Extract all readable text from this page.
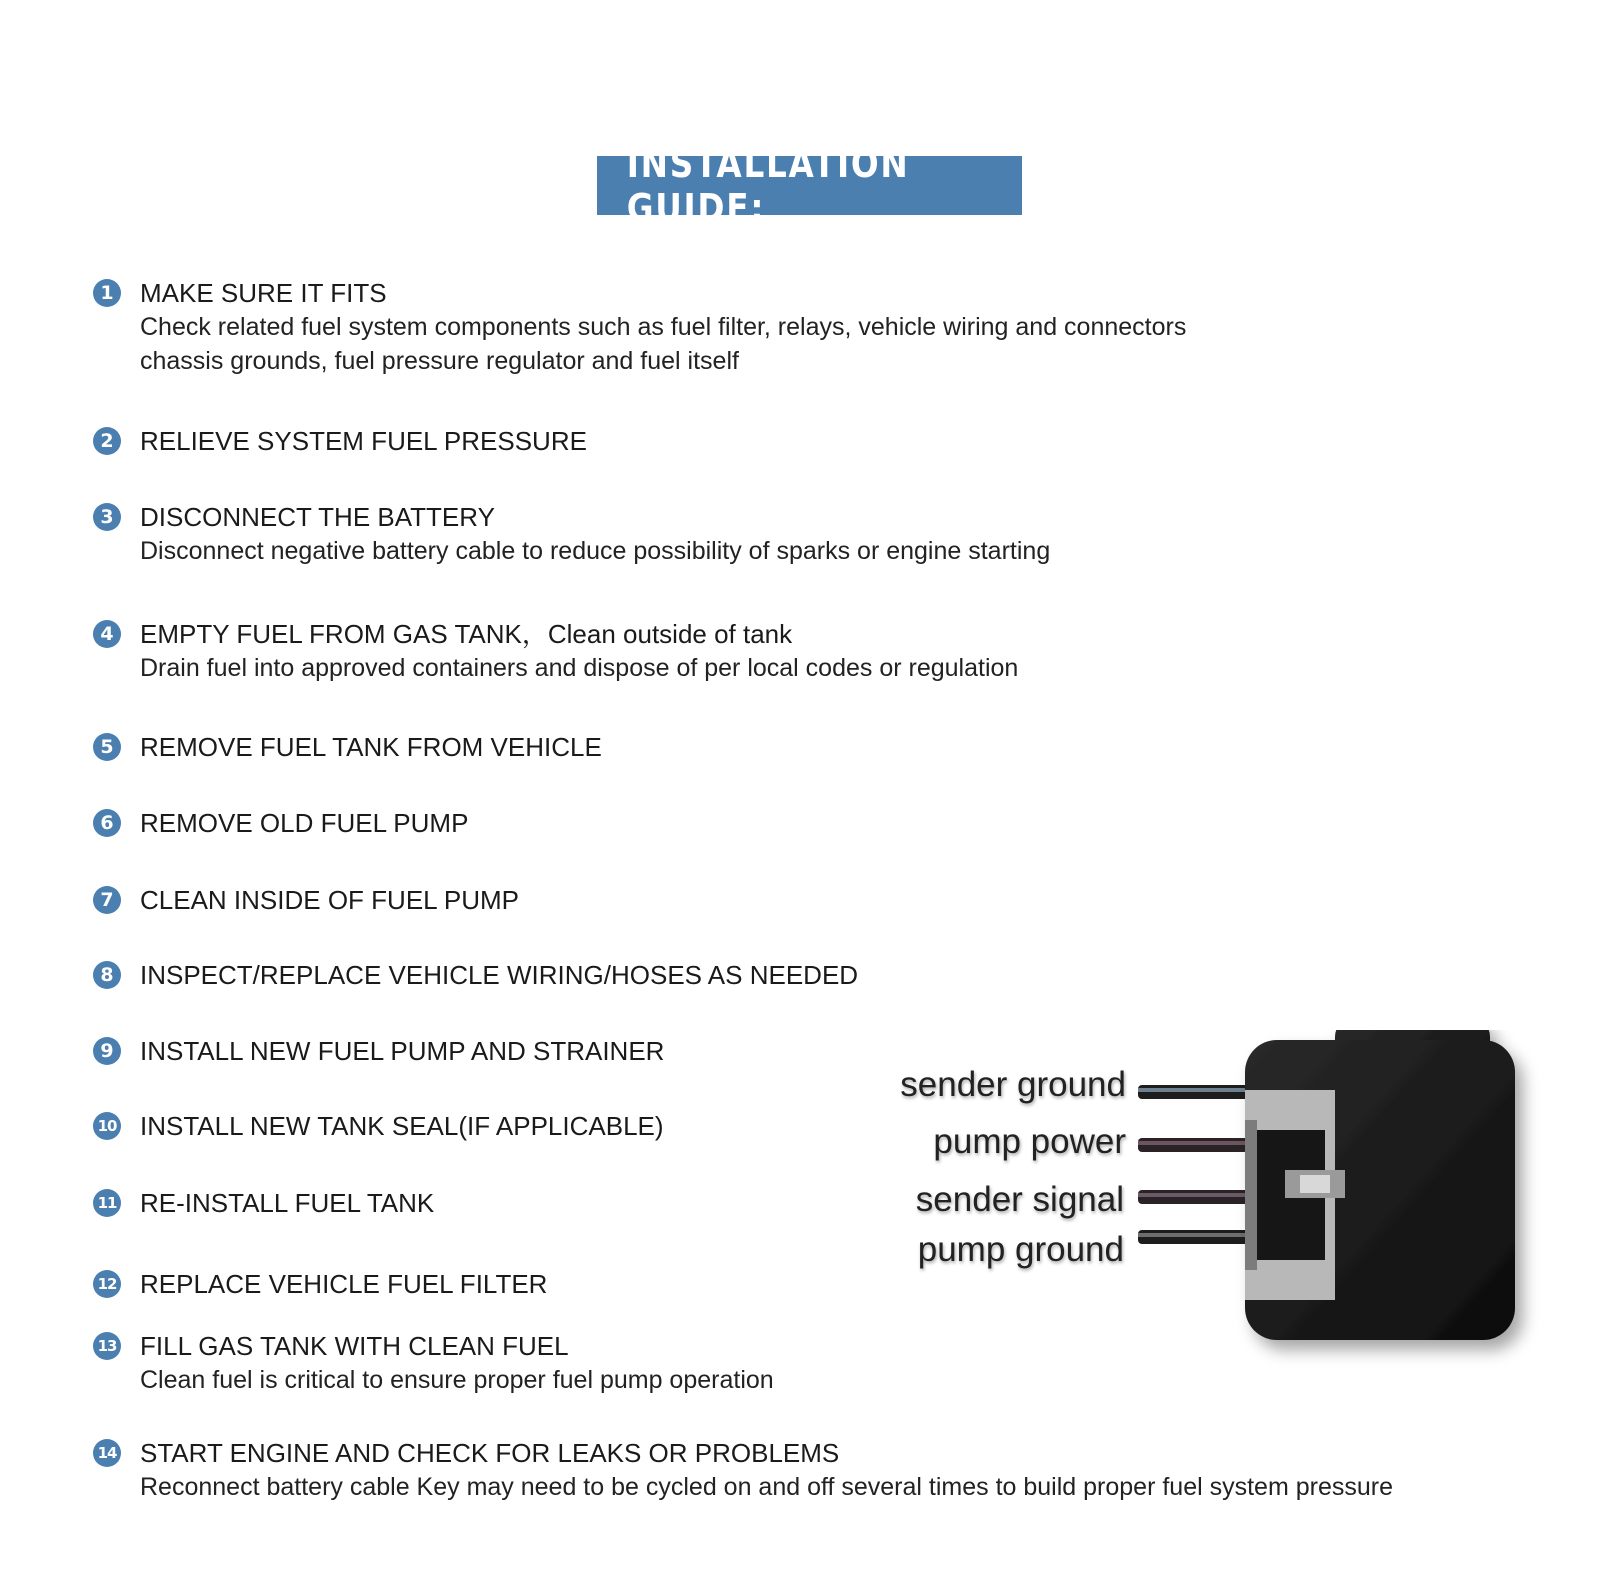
INSTALLATION GUIDE:
1 MAKE SURE IT FITS
Check related fuel system components such as fuel filter, relays, vehicle wiring and connectors
chassis grounds, fuel pressure regulator and fuel itself
2 RELIEVE SYSTEM FUEL PRESSURE
3 DISCONNECT THE BATTERY
Disconnect negative battery cable to reduce possibility of sparks or engine starting
4 EMPTY FUEL FROM GAS TANK，Clean outside of tank
Drain fuel into approved containers and dispose of per local codes or regulation
5 REMOVE FUEL TANK FROM VEHICLE
6 REMOVE OLD FUEL PUMP
7 CLEAN INSIDE OF FUEL PUMP
8 INSPECT/REPLACE VEHICLE WIRING/HOSES AS NEEDED
9 INSTALL NEW FUEL PUMP AND STRAINER
10 INSTALL NEW TANK SEAL(IF APPLICABLE)
11 RE-INSTALL FUEL TANK
12 REPLACE VEHICLE FUEL FILTER
13 FILL GAS TANK WITH CLEAN FUEL
Clean fuel is critical to ensure proper fuel pump operation
14 START ENGINE AND CHECK FOR LEAKS OR PROBLEMS
Reconnect battery cable Key may need to be cycled on and off several times to build proper fuel system pressure
sender ground
pump power
sender signal
pump ground
